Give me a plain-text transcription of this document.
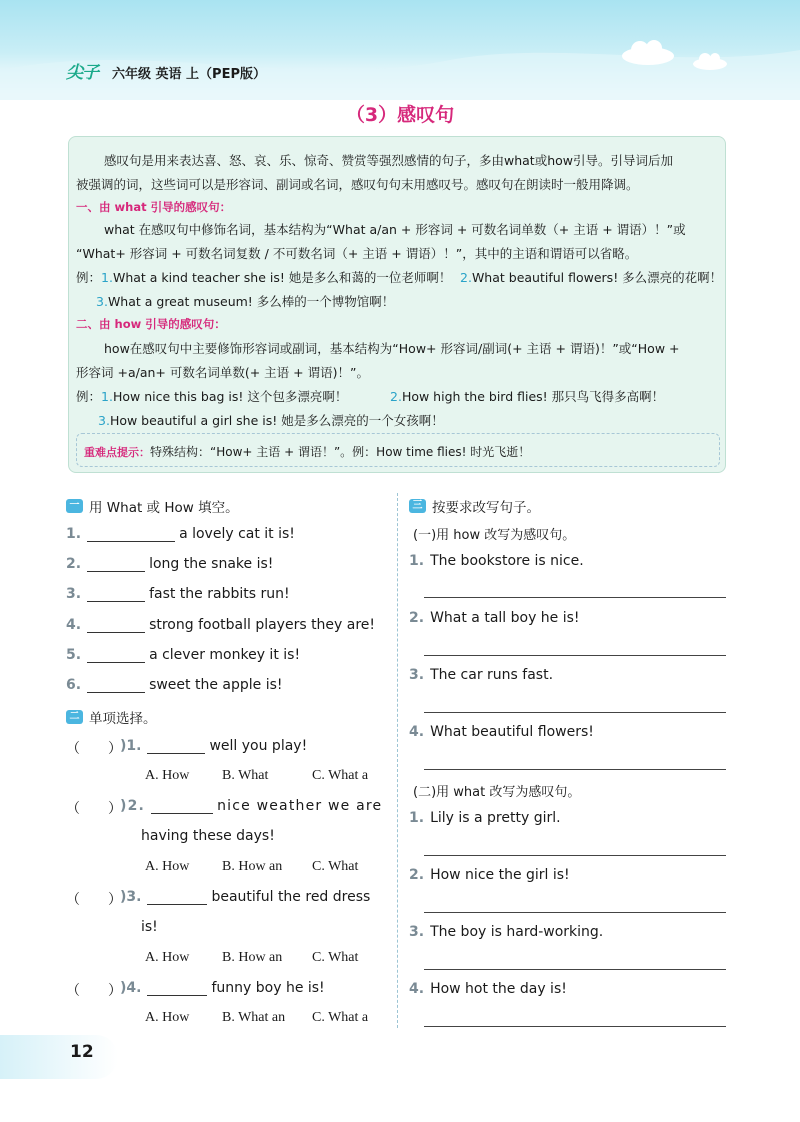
尖子 六年级 英语 上（PEP版）
（3）感叹句
感叹句是用来表达喜、怒、哀、乐、惊奇、赞赏等强烈感情的句子，多由what或how引导。引导词后加
被强调的词，这些词可以是形容词、副词或名词，感叹句句末用感叹号。感叹句在朗读时一般用降调。
一、由 what 引导的感叹句：
what 在感叹句中修饰名词，基本结构为“What a/an + 形容词 + 可数名词单数（+ 主语 + 谓语）！”或
“What+ 形容词 + 可数名词复数 / 不可数名词（+ 主语 + 谓语）！”，其中的主语和谓语可以省略。
例：1.What a kind teacher she is! 她是多么和蔼的一位老师啊！ 2.What beautiful flowers! 多么漂亮的花啊！
3.What a great museum! 多么棒的一个博物馆啊！
二、由 how 引导的感叹句：
how在感叹句中主要修饰形容词或副词，基本结构为“How+ 形容词/副词(+ 主语 + 谓语)！”或“How +
形容词 +a/an+ 可数名词单数(+ 主语 + 谓语)！”。
例：1.How nice this bag is! 这个包多漂亮啊！	2.How high the bird flies! 那只鸟飞得多高啊！
3.How beautiful a girl she is! 她是多么漂亮的一个女孩啊！
重难点提示：特殊结构：“How+ 主语 + 谓语！”。例：How time flies! 时光飞逝！
一 用 What 或 How 填空。
1.	a lovely cat it is!
2.	long the snake is!
3.	fast the rabbits run!
4.	strong football players they are!
5.	a clever monkey it is!
6.	sweet the apple is!
二 单项选择。
（　　）
)1.	well you play!
A. How B. What	C. What a
（　　）
)2.	nice weather we are
having these days!
A. How B. How an C. What
（　　）
)3.	beautiful the red dress
is!
A. How B. How an C. What
（　　）
)4.	funny boy he is!
A. How B. What an C. What a
三 按要求改写句子。
(一)用 how 改写为感叹句。
1. The bookstore is nice.
2. What a tall boy he is!
3. The car runs fast.
4. What beautiful flowers!
(二)用 what 改写为感叹句。
1. Lily is a pretty girl.
2. How nice the girl is!
3. The boy is hard-working.
4. How hot the day is!
12
